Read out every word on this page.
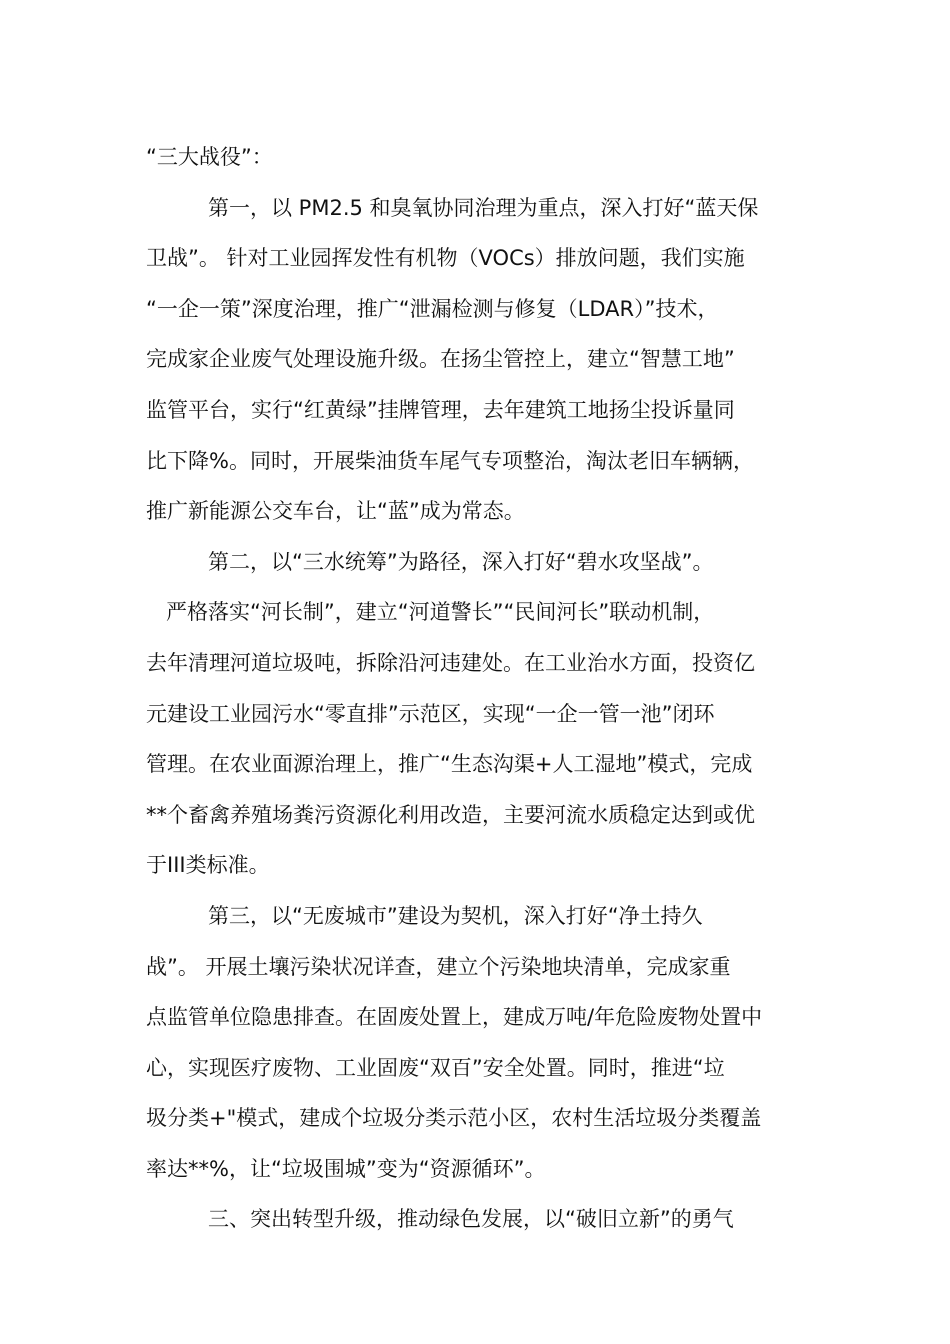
“三大战役”：
第一，以 PM2.5 和臭氧协同治理为重点，深入打好“蓝天保
卫战”。 针对工业园挥发性有机物（VOCs）排放问题，我们实施
“一企一策”深度治理，推广“泄漏检测与修复（LDAR）”技术，
完成家企业废气处理设施升级。在扬尘管控上，建立“智慧工地”
监管平台，实行“红黄绿”挂牌管理，去年建筑工地扬尘投诉量同
比下降%。同时，开展柴油货车尾气专项整治，淘汰老旧车辆辆，
推广新能源公交车台，让“蓝”成为常态。
第二，以“三水统筹”为路径，深入打好“碧水攻坚战”。
严格落实“河长制”，建立“河道警长”“民间河长”联动机制，
去年清理河道垃圾吨，拆除沿河违建处。在工业治水方面，投资亿
元建设工业园污水“零直排”示范区，实现“一企一管一池”闭环
管理。在农业面源治理上，推广“生态沟渠+人工湿地”模式，完成
**个畜禽养殖场粪污资源化利用改造，主要河流水质稳定达到或优
于III类标准。
第三，以“无废城市”建设为契机，深入打好“净土持久
战”。 开展土壤污染状况详查，建立个污染地块清单，完成家重
点监管单位隐患排查。在固废处置上，建成万吨/年危险废物处置中
心，实现医疗废物、工业固废“双百”安全处置。同时，推进“垃
圾分类+"模式，建成个垃圾分类示范小区，农村生活垃圾分类覆盖
率达**%，让“垃圾围城”变为“资源循环”。
三、突出转型升级，推动绿色发展，以“破旧立新”的勇气
